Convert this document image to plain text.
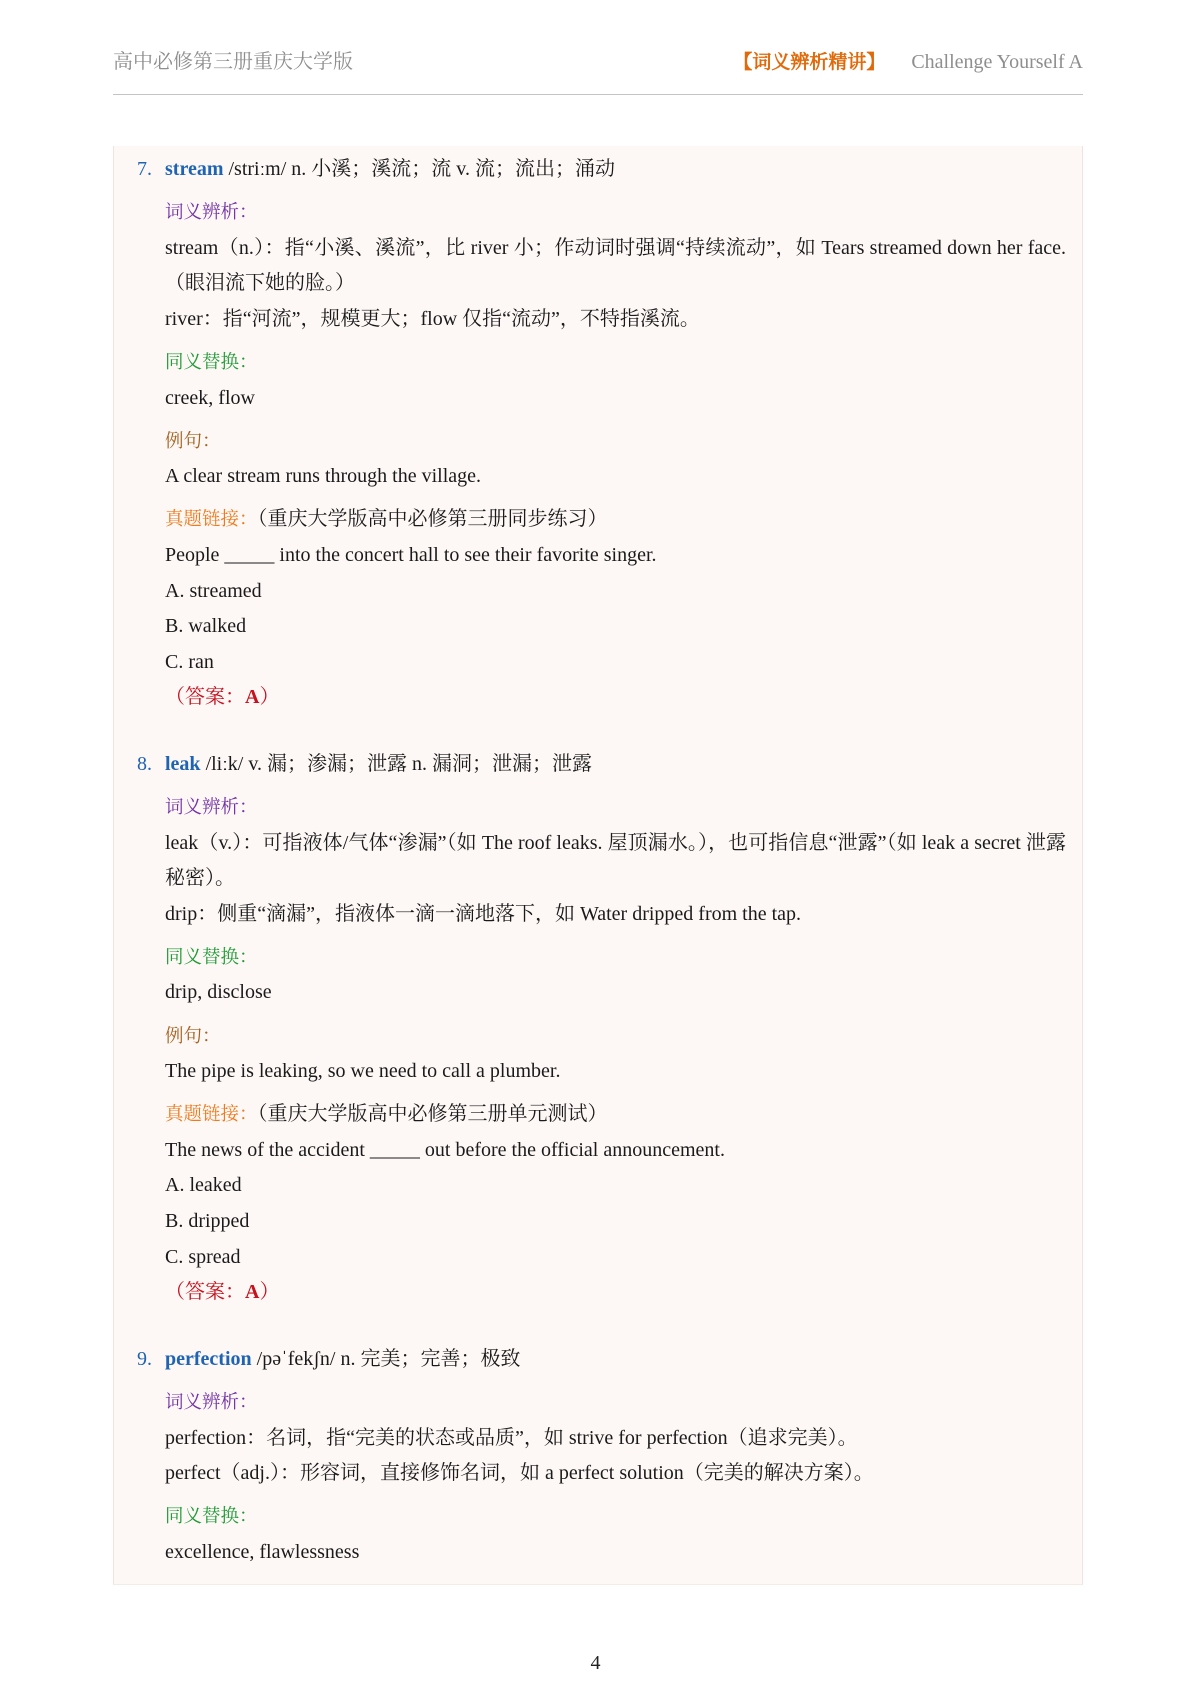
高中必修第三册重庆大学版	【词义辨析精讲】 Challenge Yourself A
7. stream /striːm/ n. 小溪；溪流；流 v. 流；流出；涌动
词义辨析：
stream（n.）：指“小溪、溪流”，比 river 小；作动词时强调“持续流动”，如 Tears streamed down her face.（眼泪流下她的脸。）
river：指“河流”，规模更大；flow 仅指“流动”，不特指溪流。
同义替换：
creek, flow
例句：
A clear stream runs through the village.
真题链接：（重庆大学版高中必修第三册同步练习）
People _____ into the concert hall to see their favorite singer.
A. streamed
B. walked
C. ran
（答案：A）
8. leak /liːk/ v. 漏；渗漏；泄露 n. 漏洞；泄漏；泄露
词义辨析：
leak（v.）：可指液体/气体“渗漏”（如 The roof leaks. 屋顶漏水。），也可指信息“泄露”（如 leak a secret 泄露秘密）。
drip：侧重“滴漏”，指液体一滴一滴地落下，如 Water dripped from the tap.
同义替换：
drip, disclose
例句：
The pipe is leaking, so we need to call a plumber.
真题链接：（重庆大学版高中必修第三册单元测试）
The news of the accident _____ out before the official announcement.
A. leaked
B. dripped
C. spread
（答案：A）
9. perfection /pəˈfekʃn/ n. 完美；完善；极致
词义辨析：
perfection：名词，指“完美的状态或品质”，如 strive for perfection（追求完美）。
perfect（adj.）：形容词，直接修饰名词，如 a perfect solution（完美的解决方案）。
同义替换：
excellence, flawlessness
4
